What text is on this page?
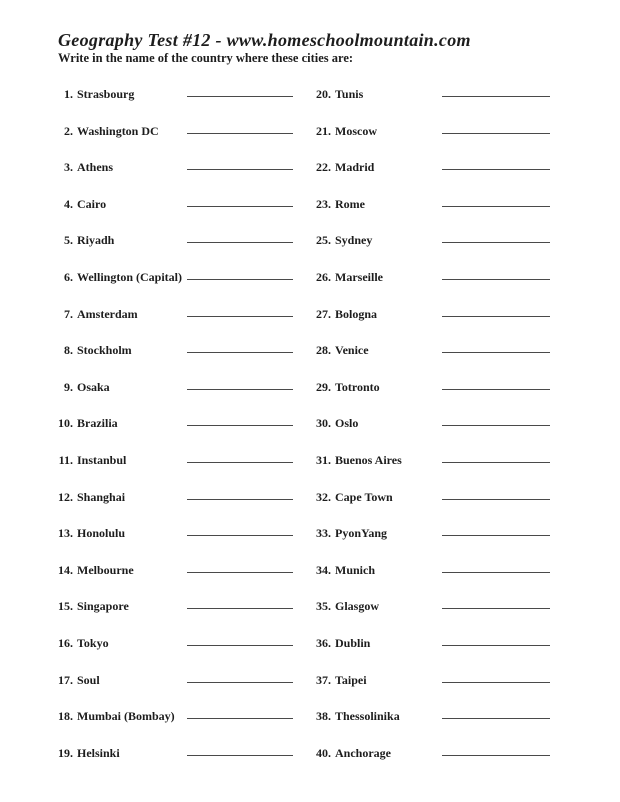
Geography Test #12 - www.homeschoolmountain.com
Write in the name of the country where these cities are:
1. Strasbourg
2. Washington DC
3. Athens
4. Cairo
5. Riyadh
6. Wellington (Capital)
7. Amsterdam
8. Stockholm
9. Osaka
10. Brazilia
11. Instanbul
12. Shanghai
13. Honolulu
14. Melbourne
15. Singapore
16. Tokyo
17. Soul
18. Mumbai (Bombay)
19. Helsinki
20. Tunis
21. Moscow
22. Madrid
23. Rome
25. Sydney
26. Marseille
27. Bologna
28. Venice
29. Totronto
30. Oslo
31. Buenos Aires
32. Cape Town
33. PyonYang
34. Munich
35. Glasgow
36. Dublin
37. Taipei
38. Thessolinika
40. Anchorage
